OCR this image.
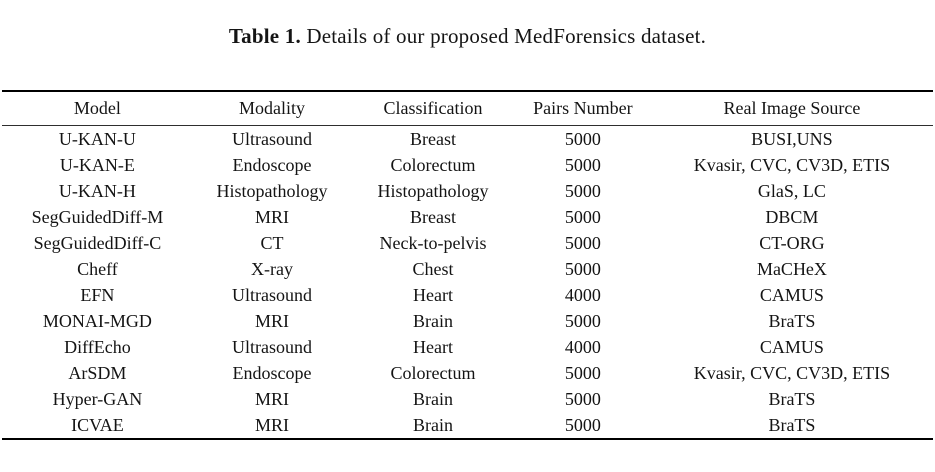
Table 1. Details of our proposed MedForensics dataset.
Model	Modality	Classification	Pairs Number	Real Image Source
U-KAN-U	Ultrasound	Breast	5000	BUSI,UNS
U-KAN-E	Endoscope	Colorectum	5000	Kvasir, CVC, CV3D, ETIS
U-KAN-H	Histopathology	Histopathology	5000	GlaS, LC
SegGuidedDiff-M	MRI	Breast	5000	DBCM
SegGuidedDiff-C	CT	Neck-to-pelvis	5000	CT-ORG
Cheff	X-ray	Chest	5000	MaCHeX
EFN	Ultrasound	Heart	4000	CAMUS
MONAI-MGD	MRI	Brain	5000	BraTS
DiffEcho	Ultrasound	Heart	4000	CAMUS
ArSDM	Endoscope	Colorectum	5000	Kvasir, CVC, CV3D, ETIS
Hyper-GAN	MRI	Brain	5000	BraTS
ICVAE	MRI	Brain	5000	BraTS
